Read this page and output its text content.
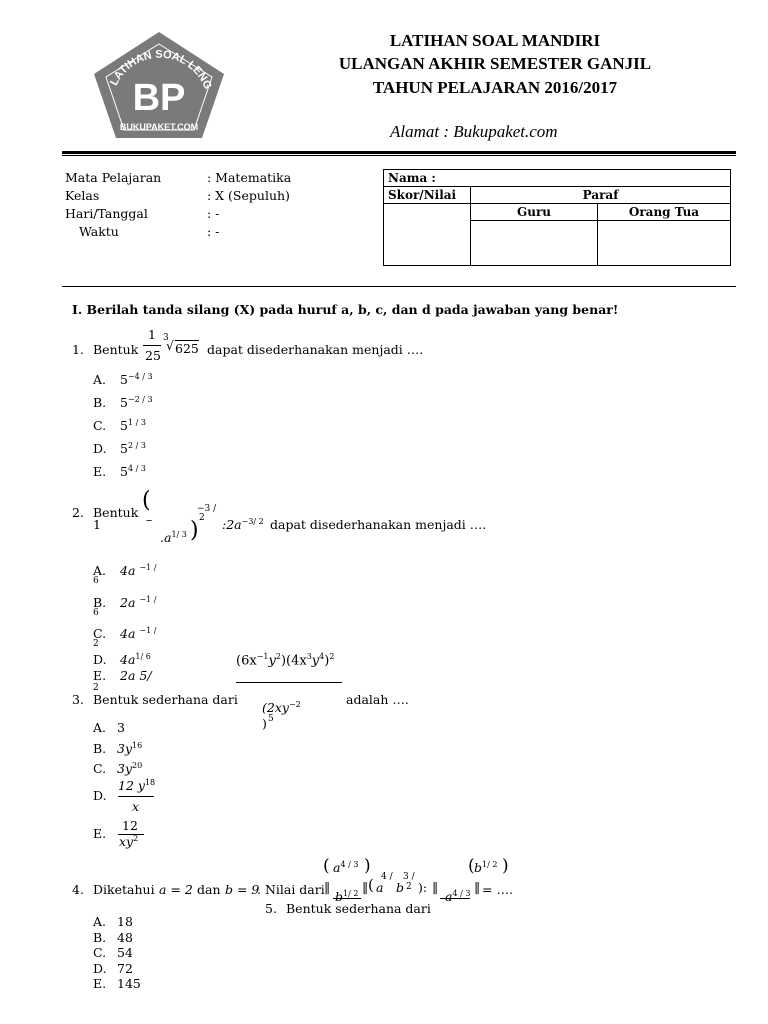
LATIHAN SOAL LENG
BP
BUKUPAKET.COM
LATIHAN SOAL MANDIRI
ULANGAN AKHIR SEMESTER GANJIL
TAHUN PELAJARAN 2016/2017
Alamat : Bukupaket.com
Mata Pelajaran	: Matematika
Kelas	: X (Sepuluh)
Hari/Tanggal	: -
Waktu	: -
Nama :		
Skor/Nilai	Paraf	
	Guru	Orang Tua

I. Berilah tanda silang (X) pada huruf a, b, c, dan d pada jawaban yang benar!
1. Bentuk
1
25
3
√ 625 dapat disederhanakan menjadi ….
A. $5^{-4 / 3}$
B. $5^{-2 / 3}$
C. $5^{1 / 3}$
D. $5^{2 / 3}$
E. $5^{4 / 3}$
2. Bentuk
1
(
–
$.a^{1/ 3}$ )
−3 /
2 $:2a^{-3/ 2}$ dapat disederhanakan menjadi ….
A. 4a $^{-1 /}$
6
B. 2a $^{-1 /}$
6
C. 4a $^{-1 /}$
2
D. $4a^{1/ 6}$
E. 2a 5/
2
$(6x^{-1}y^2)(4x^3y^4)^2$
3. Bentuk sederhana dari
($2xy^{-2}$
) 5
adalah ….
A. 3
B. $3y^{16}$
C. $3y^{20}$
D.
12 $y^{18}$
x
E.
12
$xy^2$
( $a^{4 / 3}$ )	( $b^{1/ 2}$ )
4. Diketahui a = 2 dan b = 9
. Nilai dari ‖
$b^{1/ 2}$ ‖ ( a
4 /
b
3 /
2 ): ‖
$a^{4 / 3}$ ‖ = ….
A. 18
B. 48
C. 54
D. 72
E. 145
5. Bentuk sederhana dari
